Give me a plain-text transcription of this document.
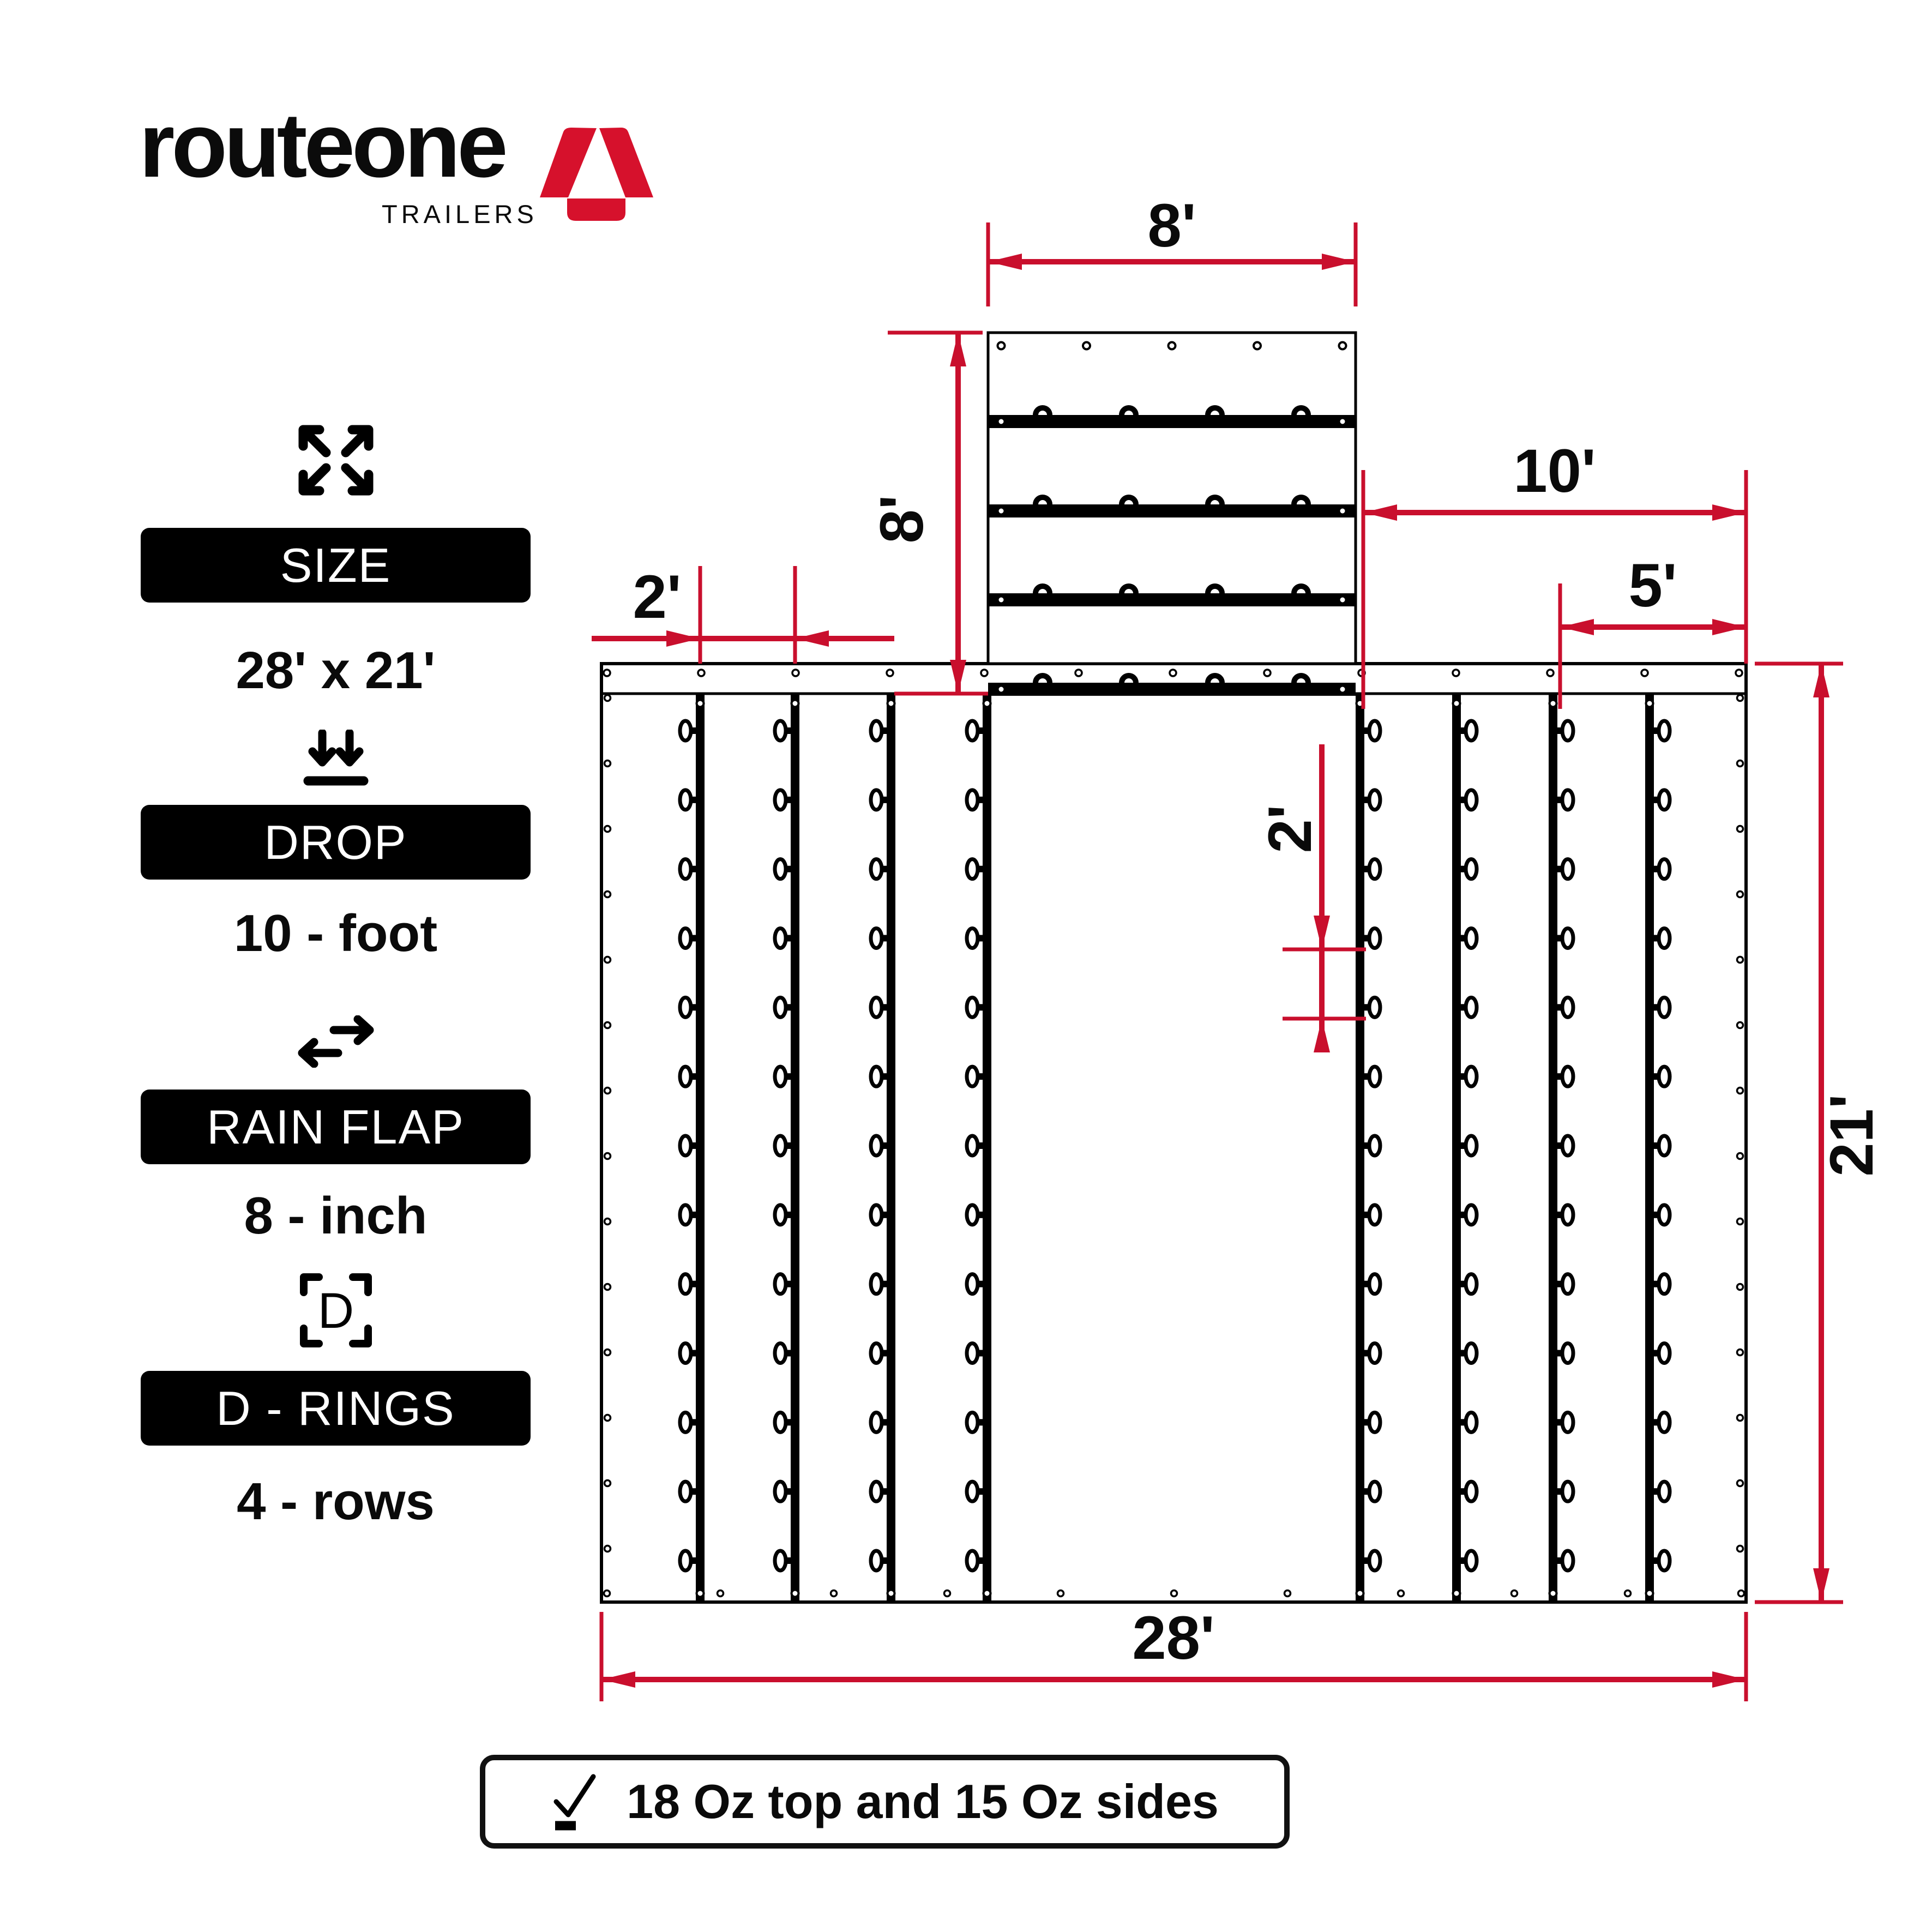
routeone
TRAILERS
SIZE
28' x 21'
DROP
10 - foot
RAIN FLAP
8 - inch
D
D - RINGS
4 - rows
8'
8'
10'
5'
2'
2'
21'
28'
18 Oz top and 15 Oz sides
